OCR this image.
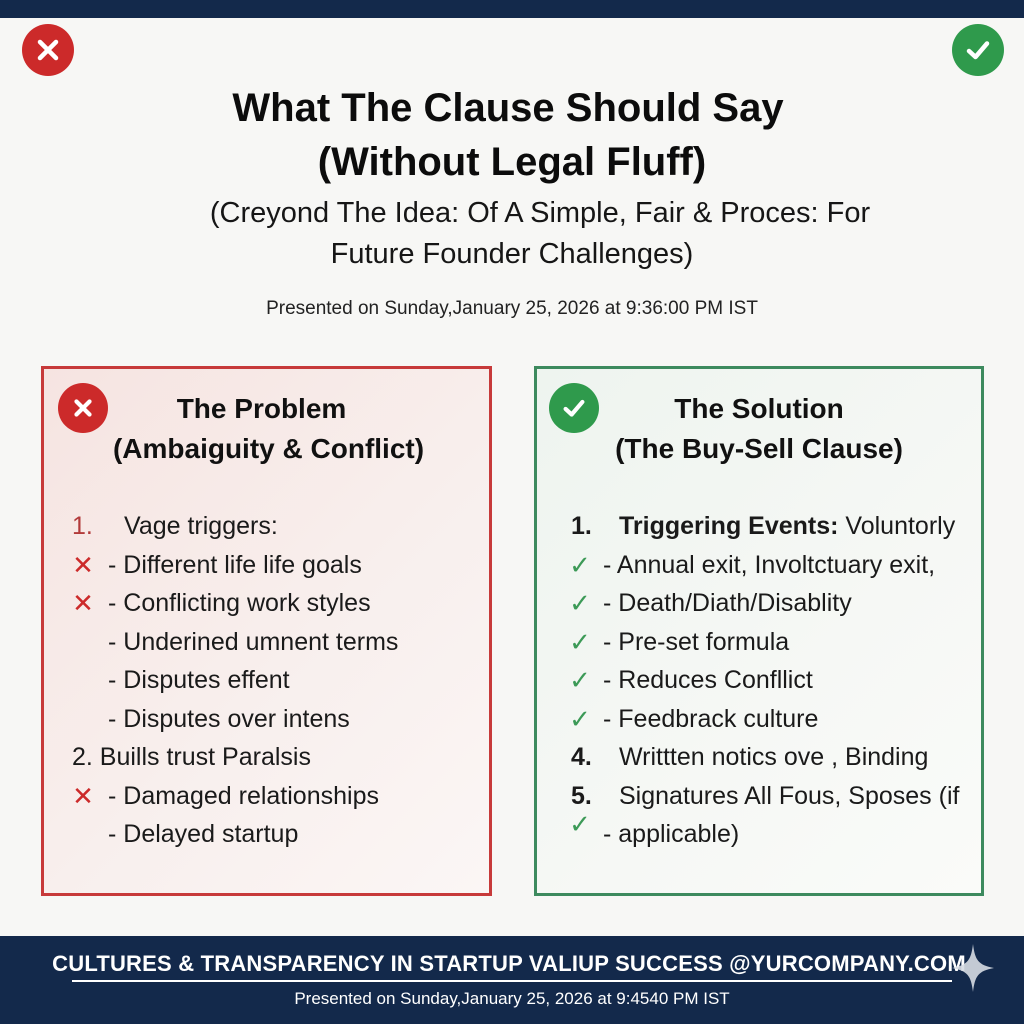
What The Clause Should Say
(Without Legal Fluff)
(Creyond The Idea: Of A Simple, Fair & Proces: For
Future Founder Challenges)
Presented on Sunday,January 25, 2026 at 9:36:00 PM IST
The Problem
(Ambaiguity & Conflict)
1. Vage triggers:
✕ - Different life life goals
✕ - Conflicting work styles
- Underined umnent terms
- Disputes effent
- Disputes over intens
2. Buills trust Paralsis
✕ - Damaged relationships
- Delayed startup
The Solution
(The Buy-Sell Clause)
1. Triggering Events: Voluntorly
✓ - Annual exit, Involtctuary exit,
✓ - Death/Diath/Disablity
✓ - Pre-set formula
✓ - Reduces Confllict
✓ - Feedbrack culture
4. Writtten notics ove , Binding
5. Signatures All Fous, Sposes (if
✓ - applicable)
CULTURES & TRANSPARENCY IN STARTUP VALIUP SUCCESS @YURCOMPANY.COM
Presented on Sunday,January 25, 2026 at 9:4540 PM IST
